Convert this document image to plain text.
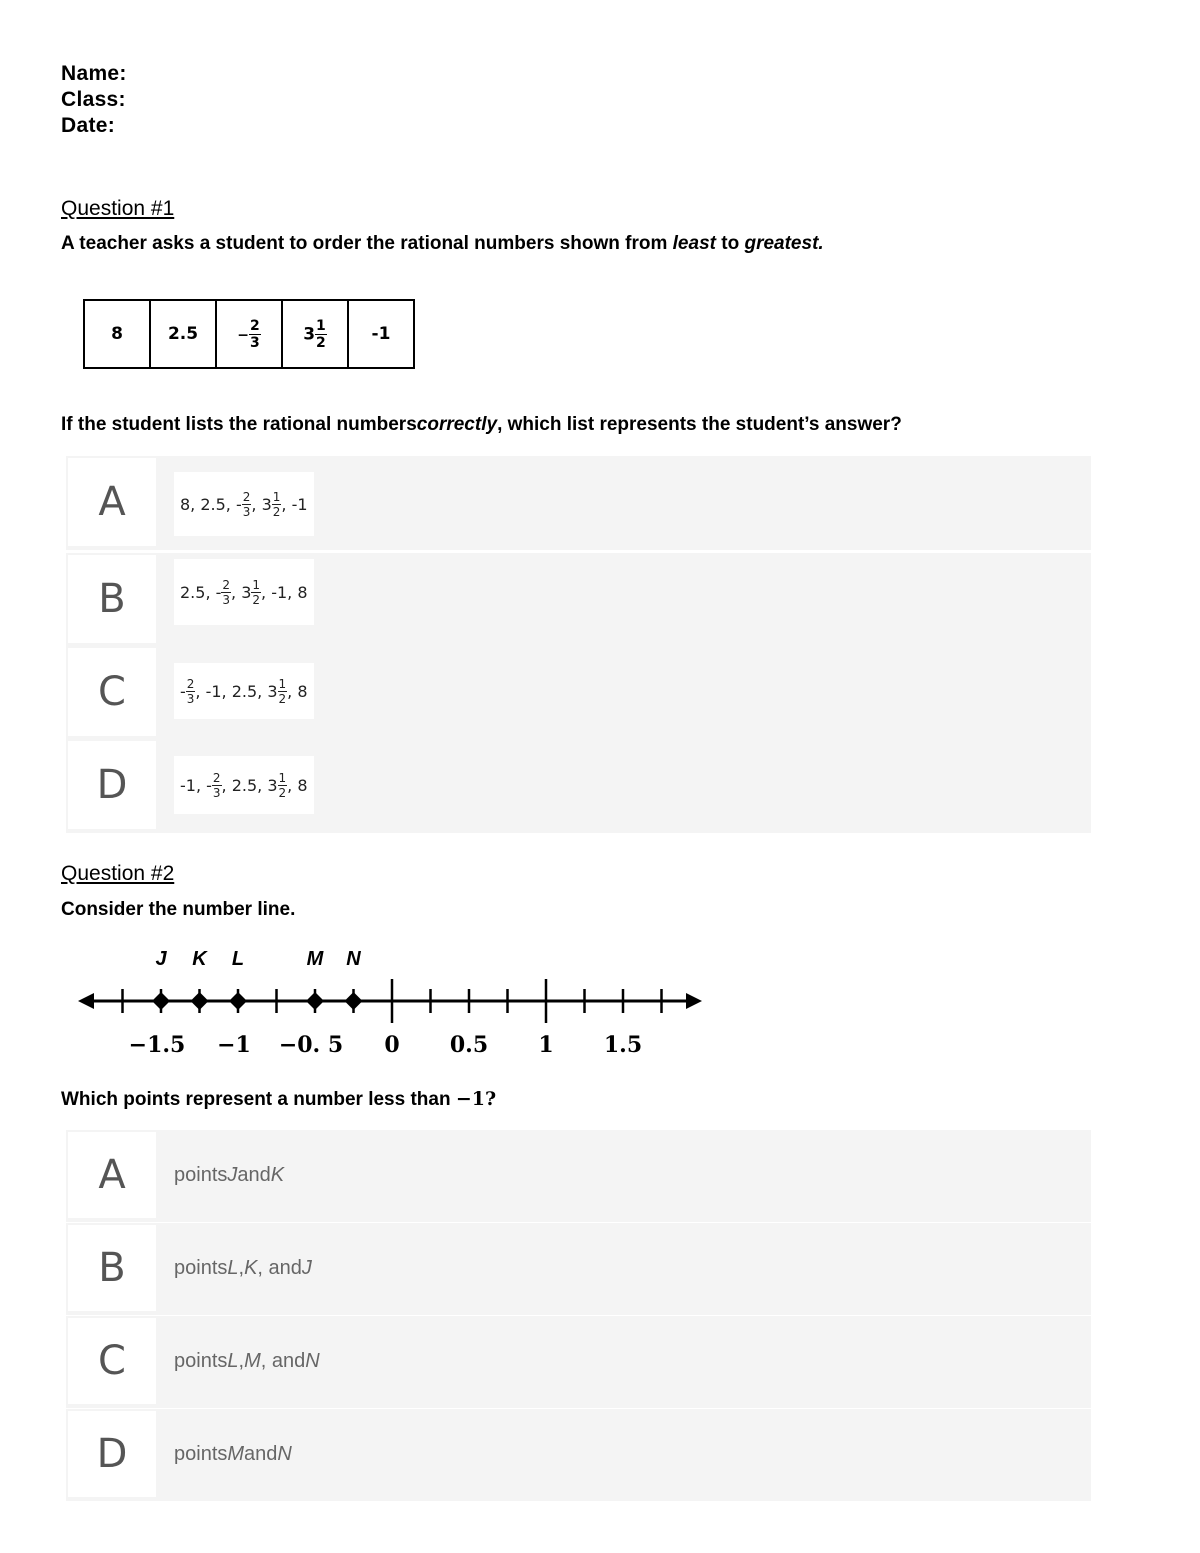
Name:
Class:
Date:
Question #1
A teacher asks a student to order the rational numbers shown from least to greatest.
8	2.5	− $\frac{2}{3}$	$3 \frac{1}{2}$	-1
If the student lists the rational numberscorrectly, which list represents the student’s answer?
A	8, 2.5, - $\frac{2}{3}$ , $3 \frac{1}{2}$ , -1
B	2.5, - $\frac{2}{3}$ , $3 \frac{1}{2}$ , -1, 8
C	- $\frac{2}{3}$ , -1, 2.5, $3 \frac{1}{2}$ , 8
D	-1, - $\frac{2}{3}$ , 2.5, $3 \frac{1}{2}$ , 8
Question #2
Consider the number line.
J K L	M N
−1.5 −1 −0. 5 0 0.5 1 1.5
Which points represent a number less than −1?
A	points J and K
B	points L , K , and J
C	points L , M , and N
D	points M and N
